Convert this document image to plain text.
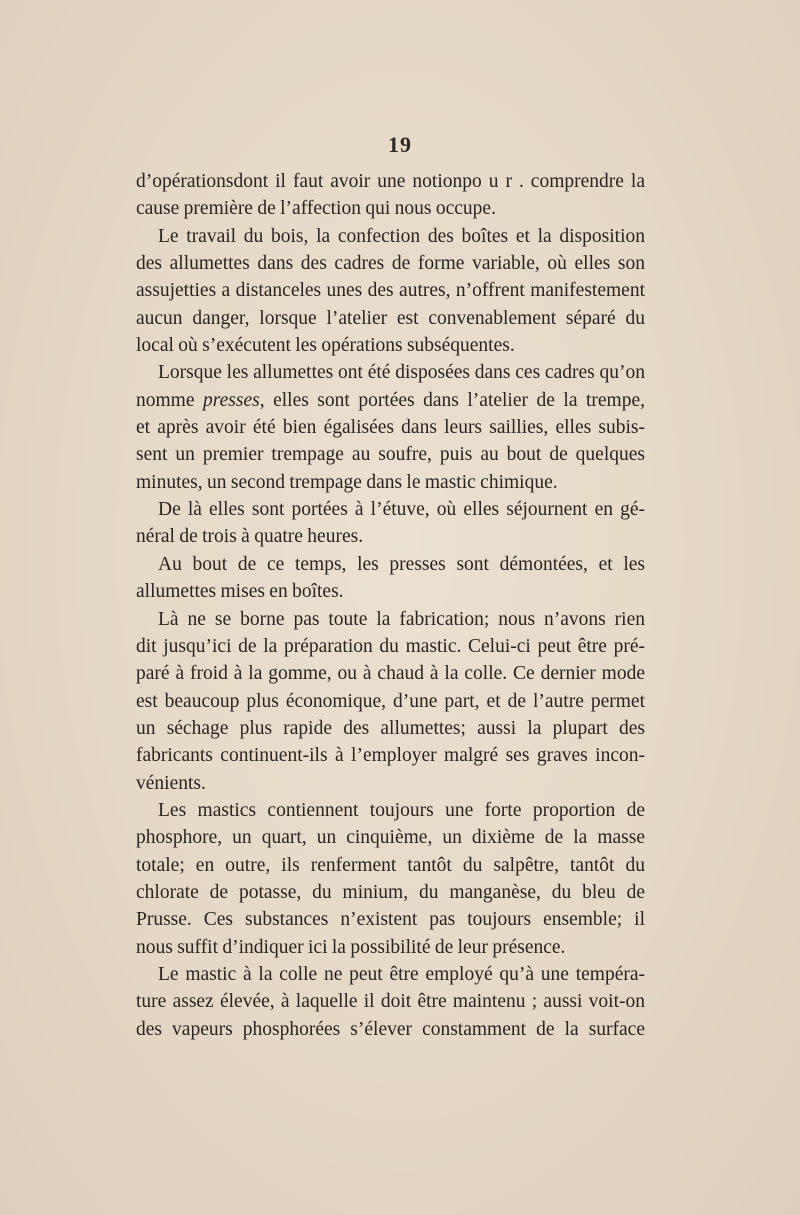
19
d’opérationsdont il faut avoir une notionpo u r . comprendre la
cause première de l’affection qui nous occupe.
Le travail du bois, la confection des boîtes et la disposition
des allumettes dans des cadres de forme variable, où elles son
assujetties a distanceles unes des autres, n’offrent manifestement
aucun danger, lorsque l’atelier est convenablement séparé du
local où s’exécutent les opérations subséquentes.
Lorsque les allumettes ont été disposées dans ces cadres qu’on
nomme presses, elles sont portées dans l’atelier de la trempe,
et après avoir été bien égalisées dans leurs saillies, elles subis-
sent un premier trempage au soufre, puis au bout de quelques
minutes, un second trempage dans le mastic chimique.
De là elles sont portées à l’étuve, où elles séjournent en gé-
néral de trois à quatre heures.
Au bout de ce temps, les presses sont démontées, et les
allumettes mises en boîtes.
Là ne se borne pas toute la fabrication; nous n’avons rien
dit jusqu’ici de la préparation du mastic. Celui-ci peut être pré-
paré à froid à la gomme, ou à chaud à la colle. Ce dernier mode
est beaucoup plus économique, d’une part, et de l’autre permet
un séchage plus rapide des allumettes; aussi la plupart des
fabricants continuent-ils à l’employer malgré ses graves incon-
vénients.
Les mastics contiennent toujours une forte proportion de
phosphore, un quart, un cinquième, un dixième de la masse
totale; en outre, ils renferment tantôt du salpêtre, tantôt du
chlorate de potasse, du minium, du manganèse, du bleu de
Prusse. Ces substances n’existent pas toujours ensemble; il
nous suffit d’indiquer ici la possibilité de leur présence.
Le mastic à la colle ne peut être employé qu’à une tempéra-
ture assez élevée, à laquelle il doit être maintenu ; aussi voit-on
des vapeurs phosphorées s’élever constamment de la surface
